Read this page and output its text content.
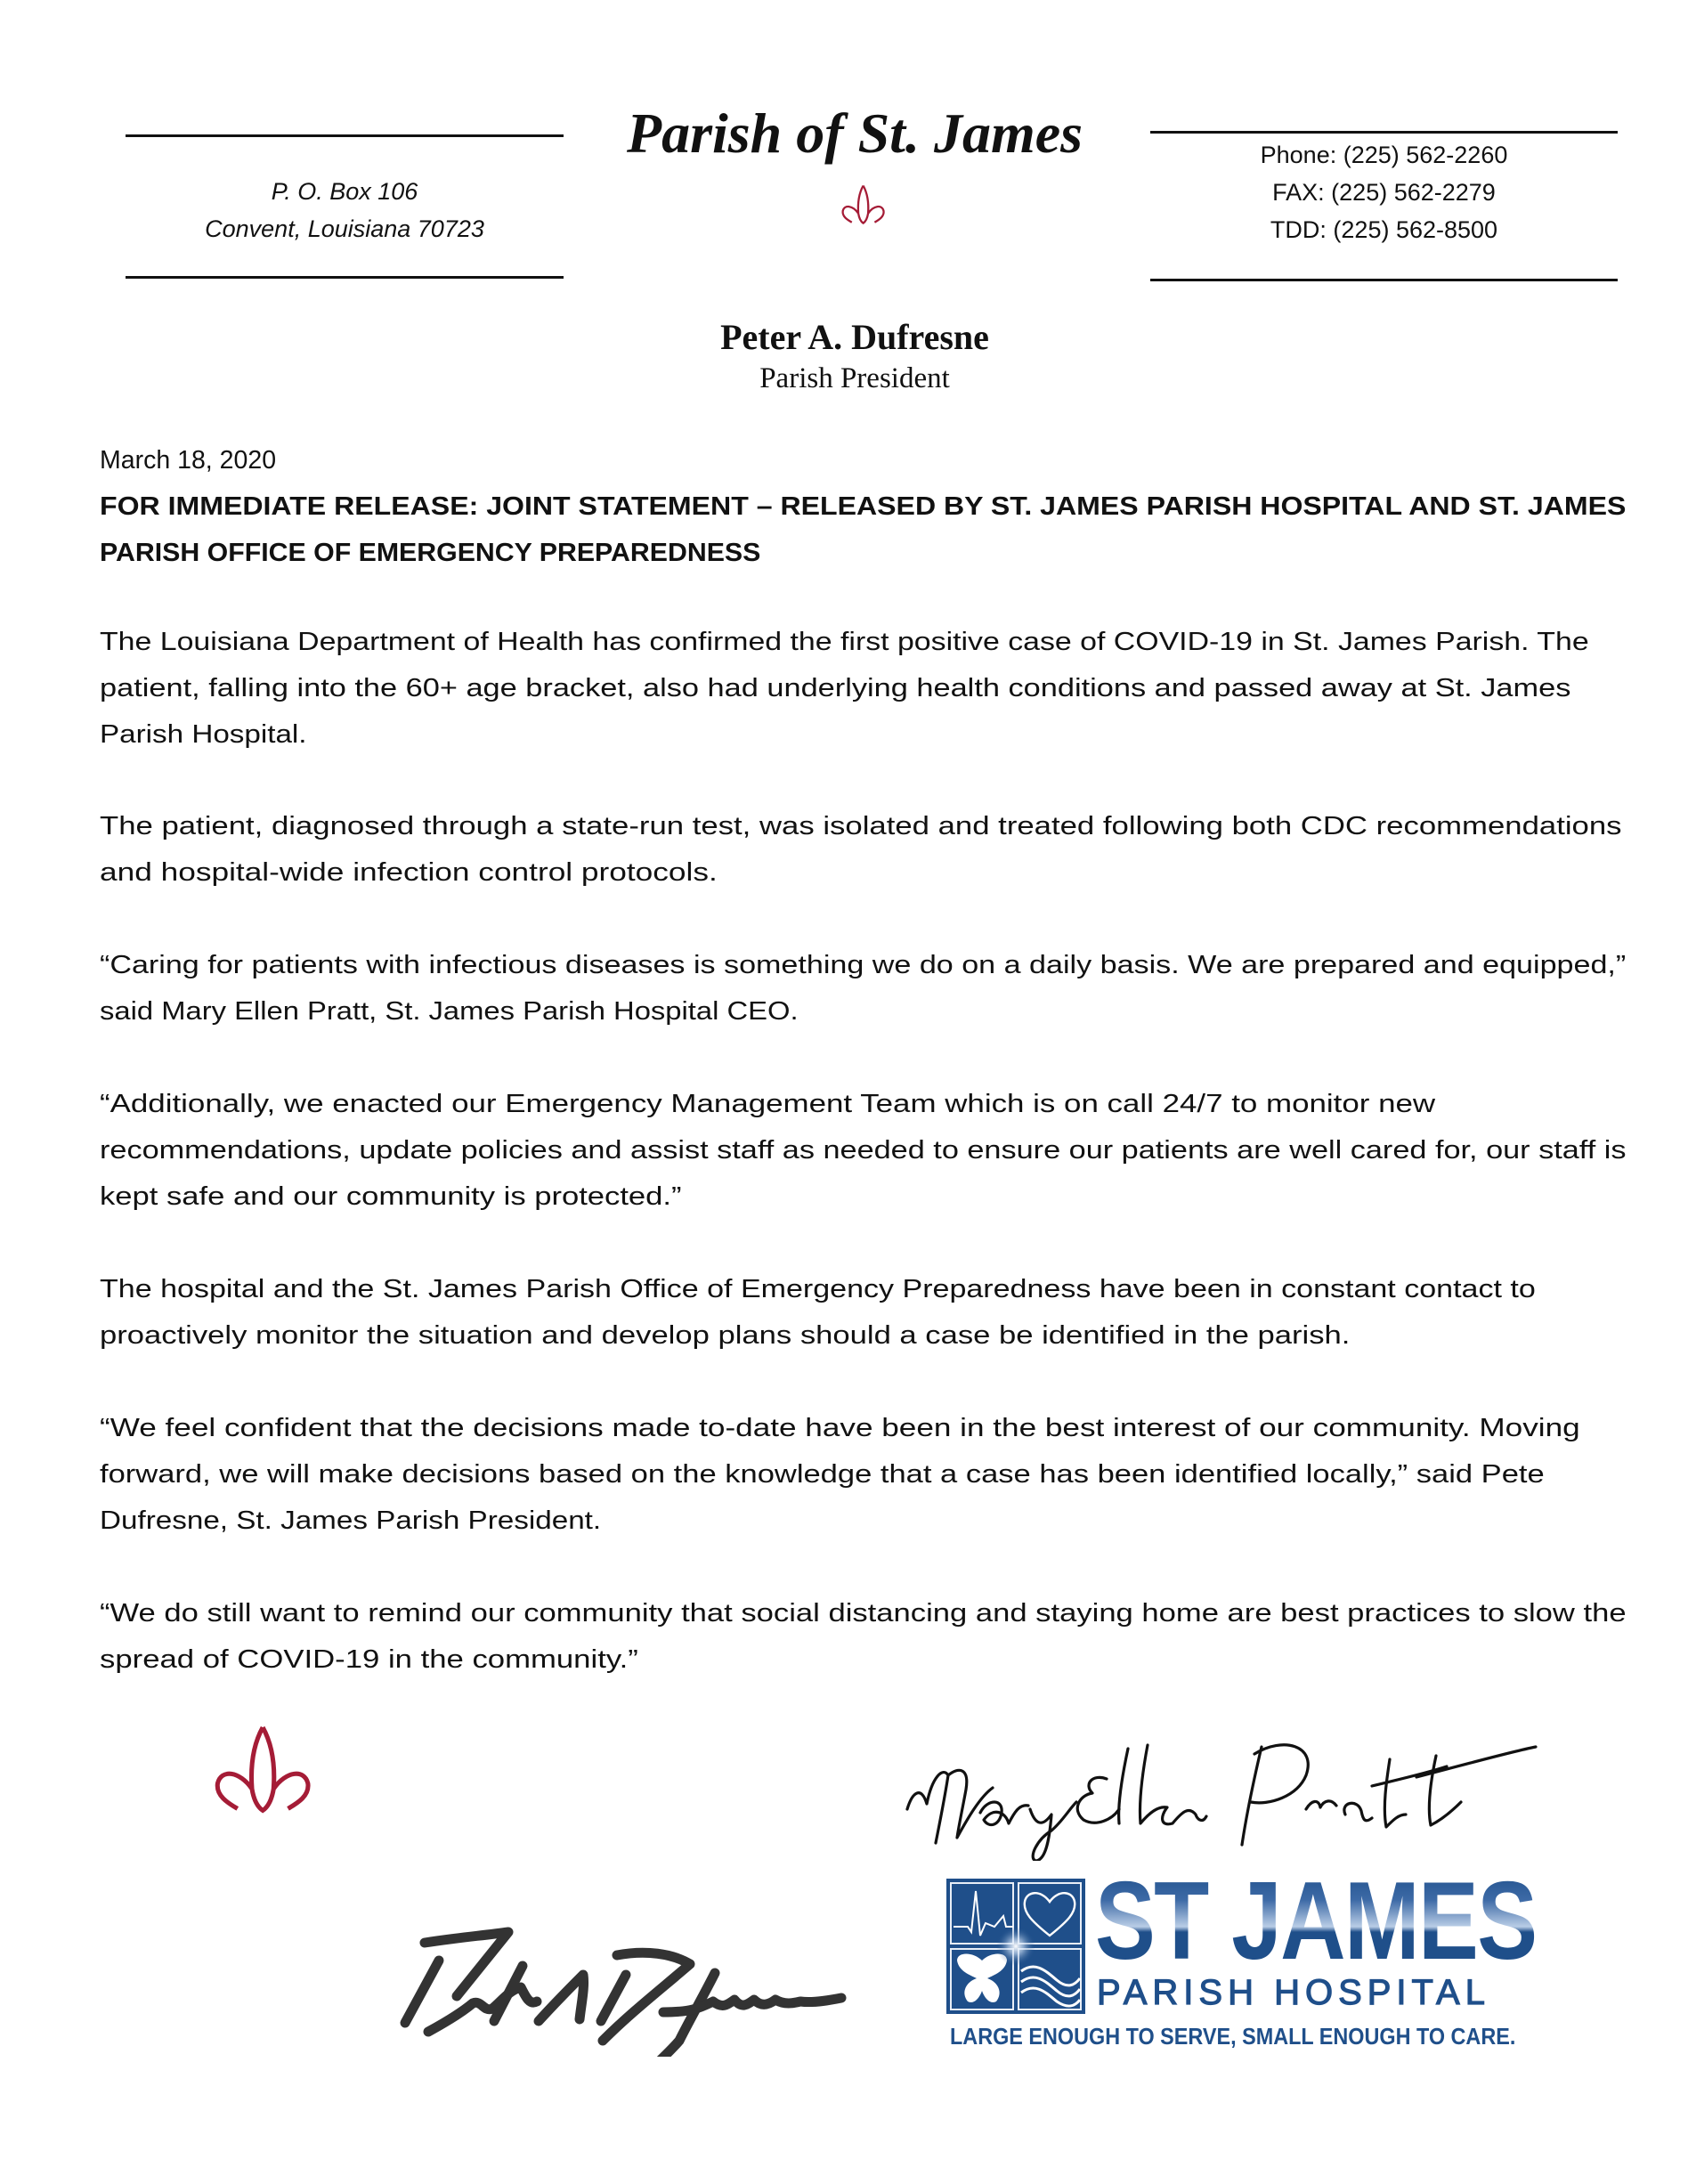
P. O. Box 106
Convent, Louisiana 70723
Phone: (225) 562-2260
FAX: (225) 562-2279
TDD: (225) 562-8500
Parish of St. James
Peter A. Dufresne
Parish President
March 18, 2020
FOR IMMEDIATE RELEASE: JOINT STATEMENT – RELEASED BY ST. JAMES PARISH HOSPITAL AND ST. JAMES
PARISH OFFICE OF EMERGENCY PREPAREDNESS
The Louisiana Department of Health has confirmed the first positive case of COVID-19 in St. James Parish. The
patient, falling into the 60+ age bracket, also had underlying health conditions and passed away at St. James
Parish Hospital.
The patient, diagnosed through a state-run test, was isolated and treated following both CDC recommendations
and hospital-wide infection control protocols.
“Caring for patients with infectious diseases is something we do on a daily basis. We are prepared and equipped,”
said Mary Ellen Pratt, St. James Parish Hospital CEO.
“Additionally, we enacted our Emergency Management Team which is on call 24/7 to monitor new
recommendations, update policies and assist staff as needed to ensure our patients are well cared for, our staff is
kept safe and our community is protected.”
The hospital and the St. James Parish Office of Emergency Preparedness have been in constant contact to
proactively monitor the situation and develop plans should a case be identified in the parish.
“We feel confident that the decisions made to-date have been in the best interest of our community. Moving
forward, we will make decisions based on the knowledge that a case has been identified locally,” said Pete
Dufresne, St. James Parish President.
“We do still want to remind our community that social distancing and staying home are best practices to slow the
spread of COVID-19 in the community.”
ST JAMES
PARISH HOSPITAL
LARGE ENOUGH TO SERVE, SMALL ENOUGH TO CARE.
